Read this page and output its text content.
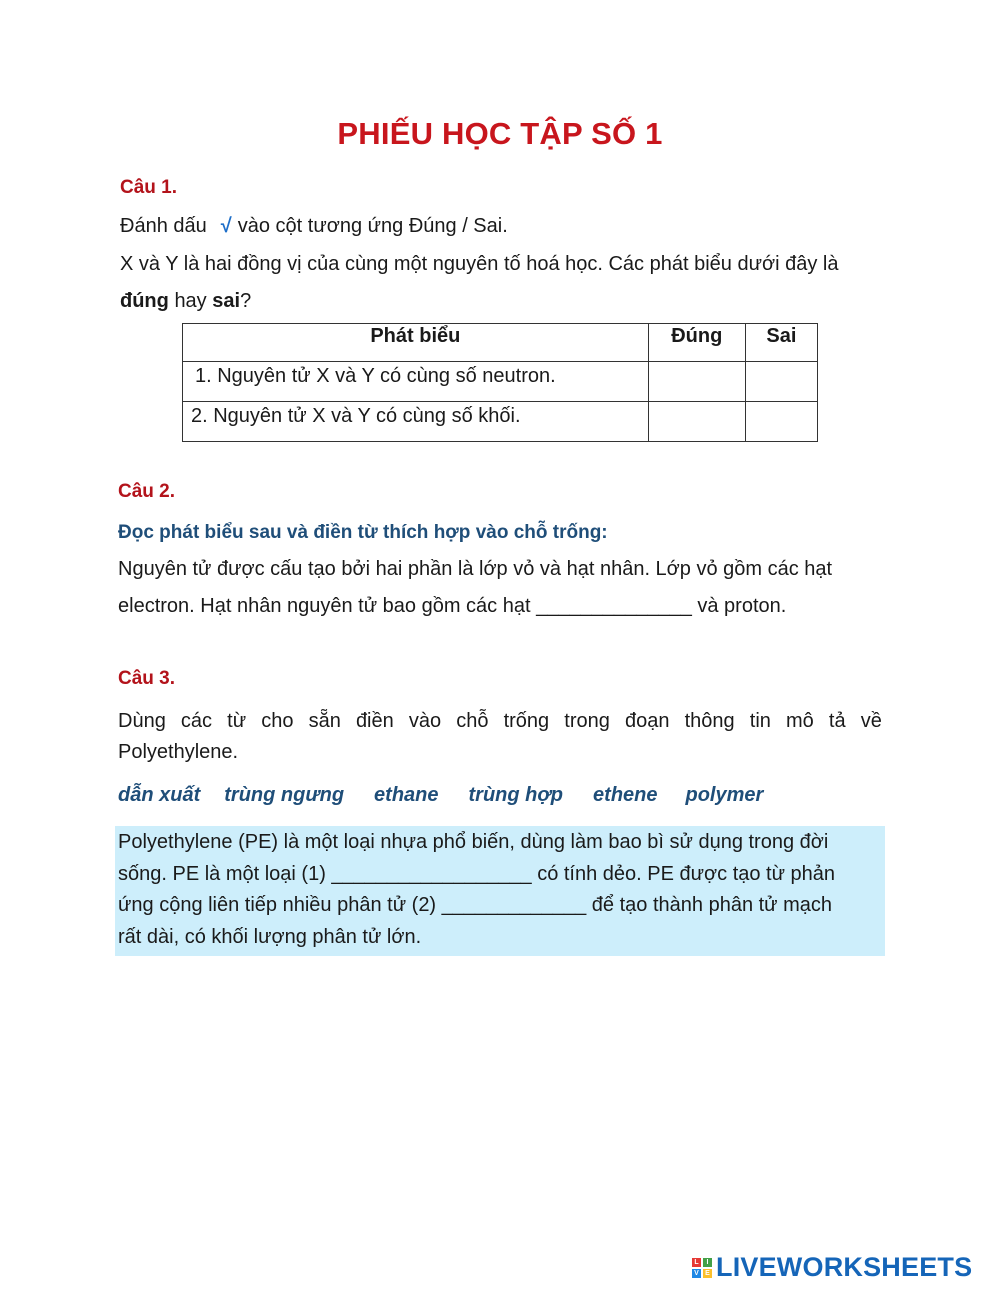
PHIẾU HỌC TẬP SỐ 1
Câu 1.
Đánh dấu √ vào cột tương ứng Đúng / Sai.
X và Y là hai đồng vị của cùng một nguyên tố hoá học. Các phát biểu dưới đây là
đúng hay sai?
Phát biểu	Đúng	Sai
1. Nguyên tử X và Y có cùng số neutron.		
2. Nguyên tử X và Y có cùng số khối.		
Câu 2.
Đọc phát biểu sau và điền từ thích hợp vào chỗ trống:
Nguyên tử được cấu tạo bởi hai phần là lớp vỏ và hạt nhân. Lớp vỏ gồm các hạt
electron. Hạt nhân nguyên tử bao gồm các hạt ______________ và proton.
Câu 3.
Dùng các từ cho sẵn điền vào chỗ trống trong đoạn thông tin mô tả về
Polyethylene.
dẫn xuất trùng ngưng ethane trùng hợp ethene polymer
Polyethylene (PE) là một loại nhựa phổ biến, dùng làm bao bì sử dụng trong đời
sống. PE là một loại (1) __________________ có tính dẻo. PE được tạo từ phản
ứng cộng liên tiếp nhiều phân tử (2) _____________ để tạo thành phân tử mạch
rất dài, có khối lượng phân tử lớn.
L	I
V E LIVEWORKSHEETS
